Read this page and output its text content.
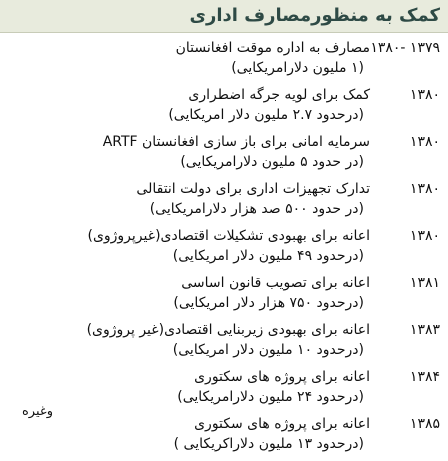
کمک به منظورمصارف اداری
۱۳۷۹ -۱۳۸۰
مصارف به اداره موقت افغانستان
(۱ ملیون دلارامریکایی)
۱۳۸۰
کمک برای لویه جرگه اضطراری
(درحدود ۲.۷ ملیون دلار امریکایی)
۱۳۸۰
سرمایه امانی برای باز سازی افغانستان ARTF
(در حدود ۵ ملیون دلارامریکایی)
۱۳۸۰
تدارک تجهیزات اداری برای دولت انتقالی
(در حدود ۵۰۰ صد هزار دلارامریکایی)
۱۳۸۰
اعانه برای بهبودی تشکیلات اقتصادی(غیرپروژوی)
(درحدود ۴۹ ملیون دلار امریکایی)
۱۳۸۱
اعانه برای تصویب قانون اساسی
(درحدود ۷۵۰ هزار دلار امریکایی)
۱۳۸۳
اعانه برای بهبودی زیربنایی اقتصادی(غیر پروژوی)
(درحدود ۱۰ ملیون دلار امریکایی)
۱۳۸۴
اعانه برای پروژه های سکتوری
(درحدود ۲۴ ملیون دلارامریکایی)
۱۳۸۵
اعانه برای پروژه های سکتوری
(درحدود ۱۳ ملیون دلاراکریکایی )
وغیره
